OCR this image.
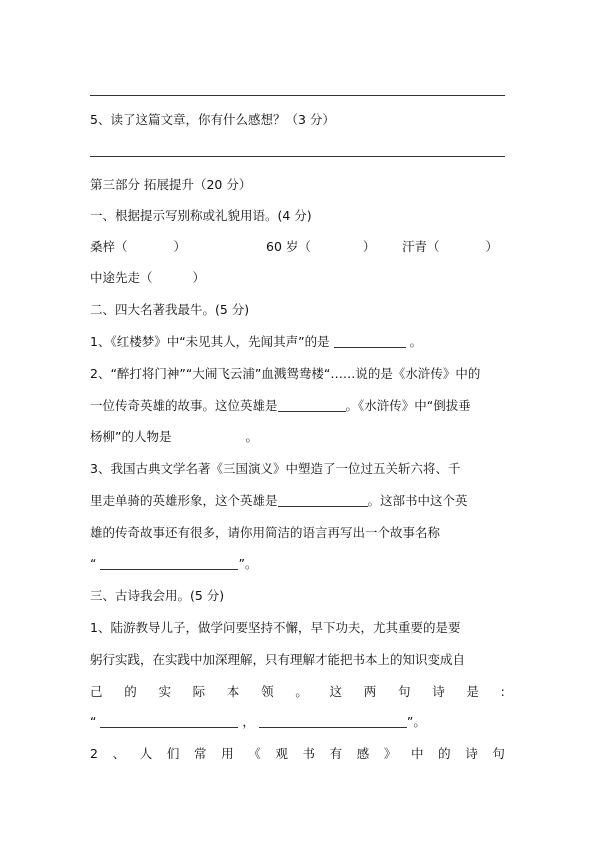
5、读了这篇文章，你有什么感想？（3 分）
第三部分 拓展提升（20 分）
一、根据提示写别称或礼貌用语。(4 分)
桑梓（	）	60 岁（	） 汗青（	）
中途先走（	）
二、四大名著我最牛。(5 分)
1、《红楼梦》中“未见其人，先闻其声”的是	。
2、“醉打将门神”“大闹飞云浦”血溅鸳鸯楼“……说的是《水浒传》中的
一位传奇英雄的故事。这位英雄是	。《水浒传》中“倒拔垂
杨柳”的人物是	。
3、我国古典文学名著《三国演义》中塑造了一位过五关斩六将、千
里走单骑的英雄形象，这个英雄是	。这部书中这个英
雄的传奇故事还有很多，请你用简洁的语言再写出一个故事名称
“	”。
三、古诗我会用。(5 分)
1、陆游教导儿子，做学问要坚持不懈，早下功夫，尤其重要的是要
躬行实践，在实践中加深理解，只有理解才能把书本上的知识变成自
己 的 实 际 本 领 。 这 两 句 诗 是 :
“	，	”。
2 、 人 们 常 用 《 观 书 有 感 》 中 的 诗 句
